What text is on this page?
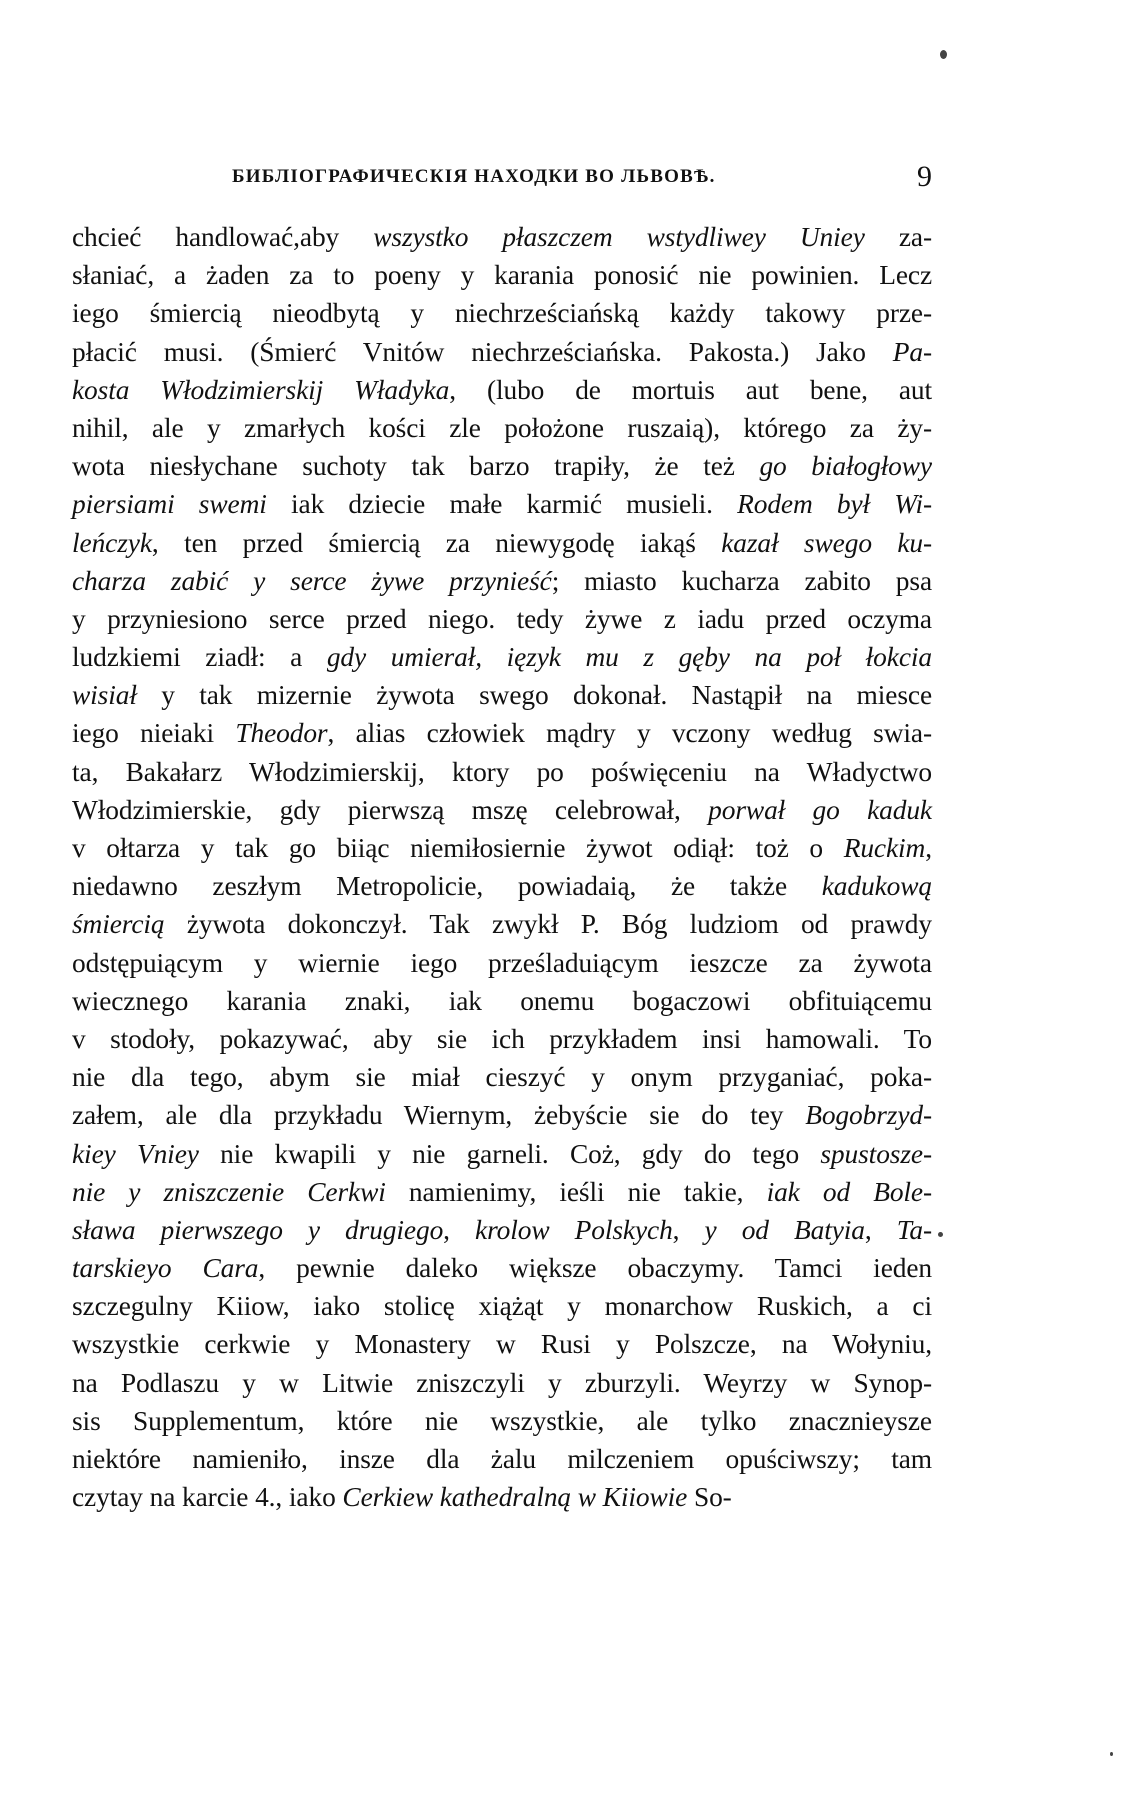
БИБЛІОГРАФИЧЕСКІЯ НАХОДКИ ВО ЛЬВОВѢ.	9
chcieć handlować,aby wszystko płaszczem wstydliwey Uniey za-
słaniać, a żaden za to poeny y karania ponosić nie powinien. Lecz
iego śmiercią nieodbytą y niechrześciańską każdy takowy prze-
płacić musi. (Śmierć Vnitów niechrześciańska. Pakosta.) Jako Pa-
kosta Włodzimierskij Władyka, (lubo de mortuis aut bene, aut
nihil, ale y zmarłych kości zle położone ruszaią), którego za ży-
wota niesłychane suchoty tak barzo trapiły, że też go białogłowy
piersiami swemi iak dziecie małe karmić musieli. Rodem był Wi-
leńczyk, ten przed śmiercią za niewygodę iakąś kazał swego ku-
charza zabić y serce żywe przynieść; miasto kucharza zabito psa
y przyniesiono serce przed niego. tedy żywe z iadu przed oczyma
ludzkiemi ziadł: a gdy umierał, ięzyk mu z gęby na poł łokcia
wisiał y tak mizernie żywota swego dokonał. Nastąpił na miesce
iego nieiaki Theodor, alias człowiek mądry y vczony według swia-
ta, Bakałarz Włodzimierskij, ktory po poświęceniu na Władyctwo
Włodzimierskie, gdy pierwszą mszę celebrował, porwał go kaduk
v ołtarza y tak go biiąc niemiłosiernie żywot odiął: toż o Ruckim,
niedawno zeszłym Metropolicie, powiadaią, że także kadukową
śmiercią żywota dokonczył. Tak zwykł P. Bóg ludziom od prawdy
odstępuiącym y wiernie iego prześladuiącym ieszcze za żywota
wiecznego karania znaki, iak onemu bogaczowi obfituiącemu
v stodoły, pokazywać, aby sie ich przykładem insi hamowali. To
nie dla tego, abym sie miał cieszyć y onym przyganiać, poka-
załem, ale dla przykładu Wiernym, żebyście sie do tey Bogobrzyd-
kiey Vniey nie kwapili y nie garneli. Coż, gdy do tego spustosze-
nie y zniszczenie Cerkwi namienimy, ieśli nie takie, iak od Bole-
sława pierwszego y drugiego, krolow Polskych, y od Batyia, Ta-
tarskieyo Cara, pewnie daleko większe obaczymy. Tamci ieden
szczegulny Kiiow, iako stolicę xiążąt y monarchow Ruskich, a ci
wszystkie cerkwie y Monastery w Rusi y Polszcze, na Wołyniu,
na Podlaszu y w Litwie zniszczyli y zburzyli. Weyrzy w Synop-
sis Supplementum, które nie wszystkie, ale tylko znacznieysze
niektóre namieniło, insze dla żalu milczeniem opuściwszy; tam
czytay na karcie 4., iako Cerkiew kathedralną w Kiiowie So-
